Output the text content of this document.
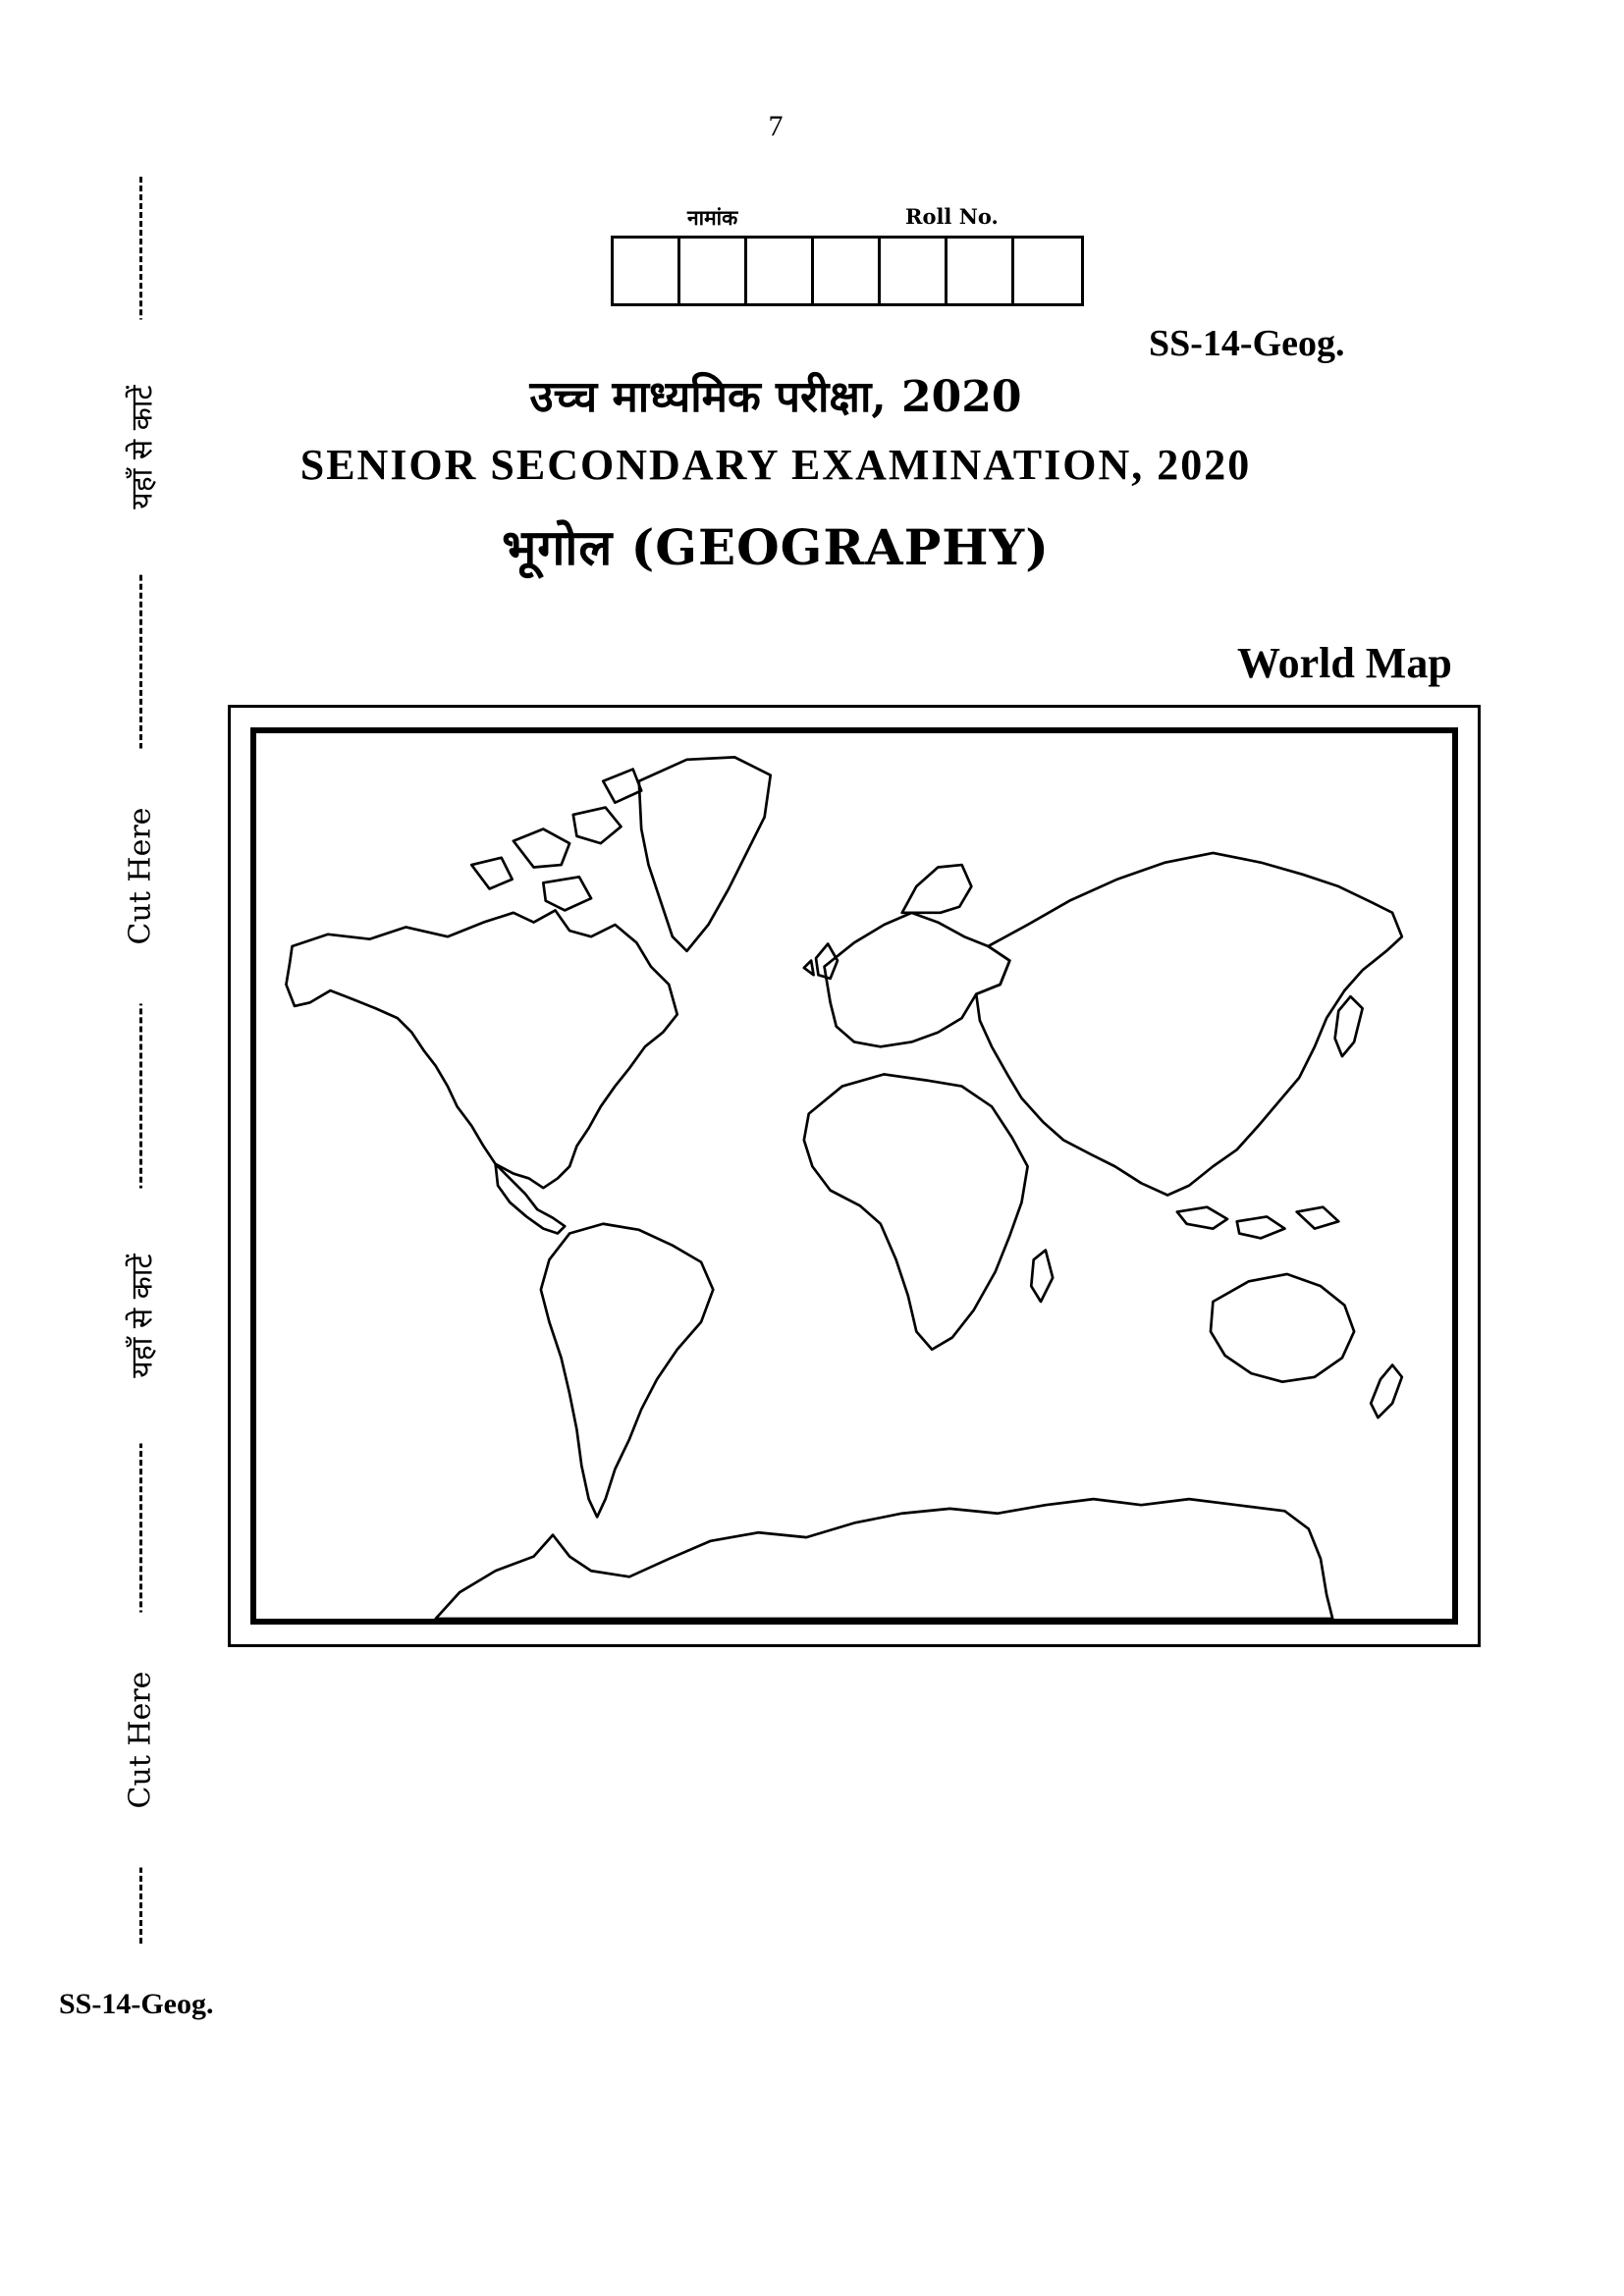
7
नामांक	Roll No.
SS-14-Geog.
उच्च माध्यमिक परीक्षा, 2020
SENIOR SECONDARY EXAMINATION, 2020
भूगोल (GEOGRAPHY)
World Map
यहाँ से काटें
Cut Here
यहाँ से काटें
Cut Here
SS-14-Geog.
